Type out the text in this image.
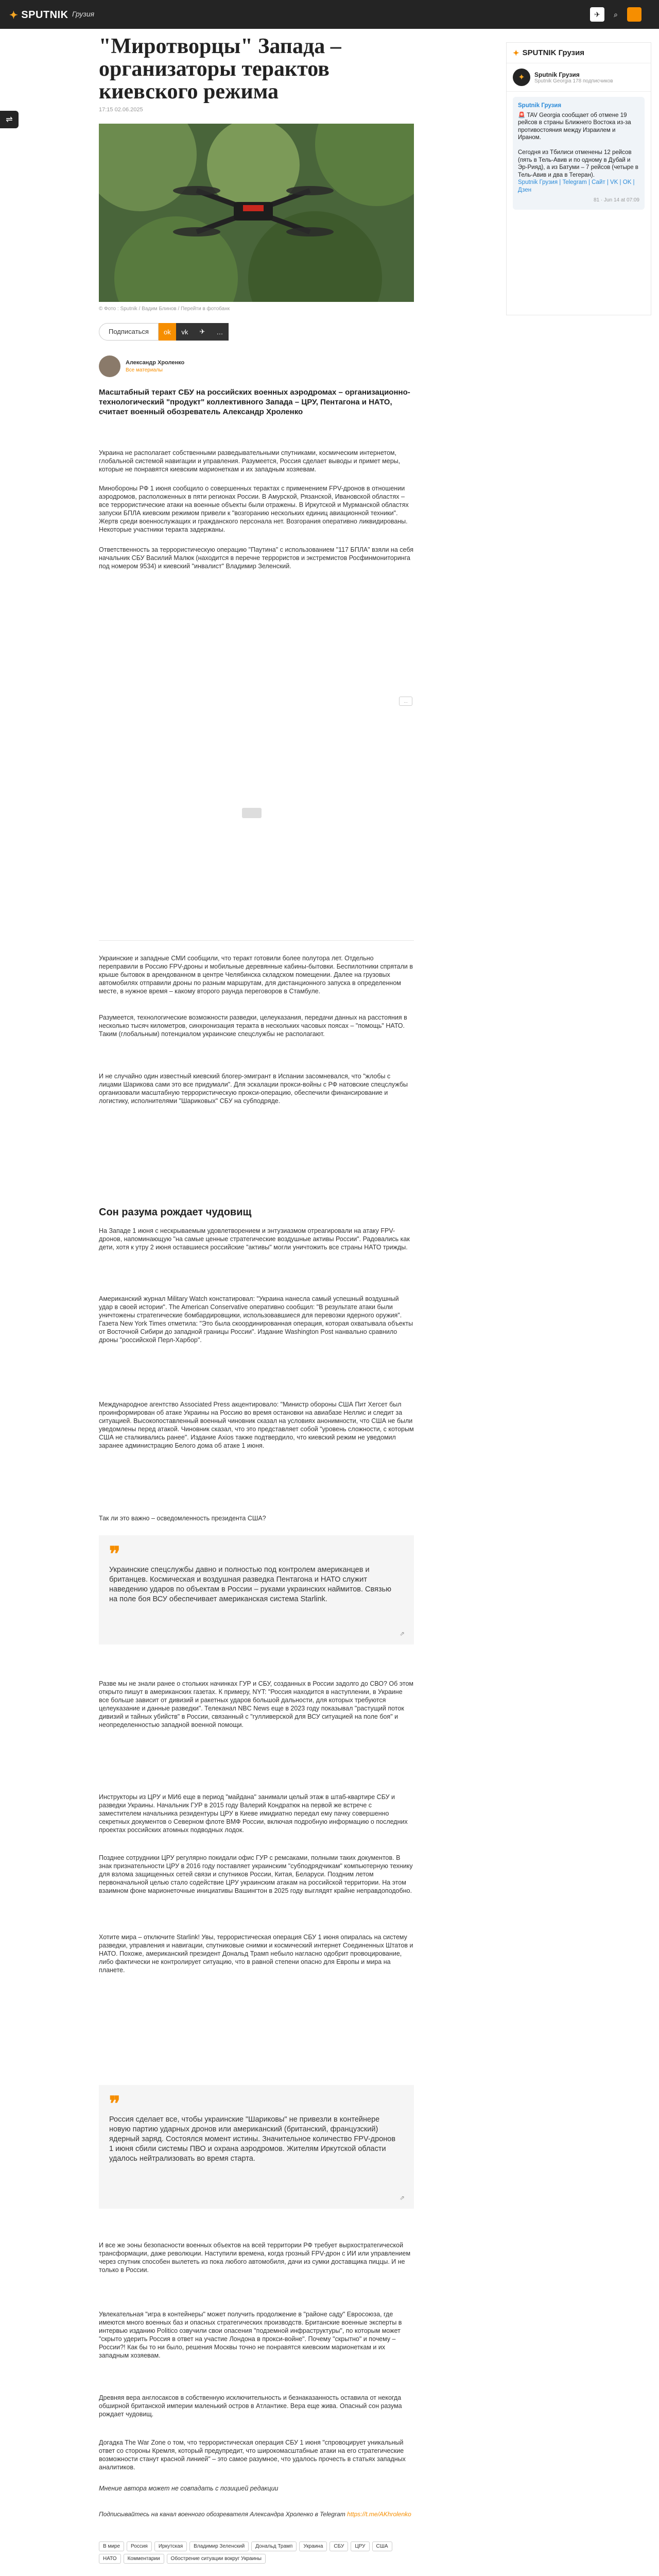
✦ SPUTNIK Грузия	✈	⌕	≡
⇌
"Миротворцы" Запада – организаторы терактов киевского режима
17:15 02.06.2025
© Фото : Sputnik / Вадим Блинов / Перейти в фотобанк
Подписаться	ok	vk	✈	…
Александр Хроленко
Все материалы
Масштабный теракт СБУ на российских военных аэродромах – организационно-технологический "продукт" коллективного Запада – ЦРУ, Пентагона и НАТО, считает военный обозреватель Александр Хроленко

Украина не располагает собственными разведывательными спутниками, космическим интернетом, глобальной системой навигации и управления. Разумеется, Россия сделает выводы и примет меры, которые не понравятся киевским марионеткам и их западным хозяевам.

Минобороны РФ 1 июня сообщило о совершенных терактах с применением FPV-дронов в отношении аэродромов, расположенных в пяти регионах России. В Амурской, Рязанской, Ивановской областях – все террористические атаки на военные объекты были отражены. В Иркутской и Мурманской областях запуски БПЛА киевским режимом привели к "возгоранию нескольких единиц авиационной техники". Жертв среди военнослужащих и гражданского персонала нет. Возгорания оперативно ликвидированы. Некоторые участники теракта задержаны.

Ответственность за террористическую операцию "Паутина" с использованием "117 БПЛА" взяли на себя начальник СБУ Василий Малюк (находится в перечне террористов и экстремистов Росфинмониторинга под номером 9534) и киевский "инвалист" Владимир Зеленский.

...

Украинские и западные СМИ сообщили, что теракт готовили более полутора лет. Отдельно переправили в Россию FPV-дроны и мобильные деревянные кабины-бытовки. Беспилотники спрятали в крыше бытовок в арендованном в центре Челябинска складском помещении. Далее на грузовых автомобилях отправили дроны по разным маршрутам, для дистанционного запуска в определенном месте, в нужное время – какому второго раунда переговоров в Стамбуле.

Разумеется, технологические возможности разведки, целеуказания, передачи данных на расстояния в несколько тысяч километров, синхронизация теракта в нескольких часовых поясах – "помощь" НАТО. Таким (глобальным) потенциалом украинские спецслужбы не располагают.

И не случайно один известный киевский блогер-эмигрант в Испании засомневался, что "жлобы с лицами Шарикова сами это все придумали". Для эскалации прокси-войны с РФ натовские спецслужбы организовали масштабную террористическую прокси-операцию, обеспечили финансирование и логистику, исполнителями "Шариковых" СБУ на субподряде.

Сон разума рождает чудовищ

На Западе 1 июня с нескрываемым удовлетворением и энтузиазмом отреагировали на атаку FPV-дронов, напоминающую "на самые ценные стратегические воздушные активы России". Радовались как дети, хотя к утру 2 июня оставшиеся российские "активы" могли уничтожить все страны НАТО трижды.

Американский журнал Military Watch констатировал: "Украина нанесла самый успешный воздушный удар в своей истории". The American Conservative оперативно сообщил: "В результате атаки были уничтожены стратегические бомбардировщики, использовавшиеся для перевозки ядерного оружия". Газета New York Times отметила: "Это была скоординированная операция, которая охватывала объекты от Восточной Сибири до западной границы России". Издание Washington Post нанвально сравнило дроны "российской Перл-Харбор".

Международное агентство Associated Press акцентировало: "Министр обороны США Пит Хегсет был проинформирован об атаке Украины на Россию во время остановки на авиабазе Неллис и следит за ситуацией. Высокопоставленный военный чиновник сказал на условиях анонимности, что США не были уведомлены перед атакой. Чиновник сказал, что это представляет собой "уровень сложности, с которым США не сталкивались ранее". Издание Axios также подтвердило, что киевский режим не уведомил заранее администрацию Белого дома об атаке 1 июня.

Так ли это важно – осведомленность президента США?

❞
Украинские спецслужбы давно и полностью под контролем американцев и британцев. Космическая и воздушная разведка Пентагона и НАТО служит наведению ударов по объектам в России – руками украинских наймитов. Связью на поле боя ВСУ обеспечивает американская система Starlink.
⇗

Разве мы не знали ранее о стольких начинках ГУР и СБУ, созданных в России задолго до СВО? Об этом открыто пишут в американских газетах. К примеру, NYT: "Россия находится в наступлении, в Украине все больше зависит от дивизий и ракетных ударов большой дальности, для которых требуются целеуказание и данные разведки". Телеканал NBC News еще в 2023 году показывал "растущий поток дивизий и тайных убийств" в России, связанный с "гулливерской для ВСУ ситуацией на поле боя" и неопределенностью западной военной помощи.

Инструкторы из ЦРУ и МИ6 еще в период "майдана" занимали целый этаж в штаб-квартире СБУ и разведки Украины. Начальник ГУР в 2015 году Валерий Кондратюк на первой же встрече с заместителем начальника резидентуры ЦРУ в Киеве имидиатно передал ему пачку совершенно секретных документов о Северном флоте ВМФ России, включая подробную информацию о последних проектах российских атомных подводных лодок.

Позднее сотрудники ЦРУ регулярно покидали офис ГУР с ремсаками, полными таких документов. В знак признательности ЦРУ в 2016 году поставляет украинским "субподрядчикам" компьютерную технику для взлома защищенных сетей связи и спутников России, Китая, Беларуси. Поздним летом первоначальной целью стало содействие ЦРУ украинским атакам на российской территории. На этом взаимном фоне марионеточные инициативы Вашингтон в 2025 году выглядят крайне неправдоподобно.

Хотите мира – отключите Starlink! Увы, террористическая операция СБУ 1 июня опиралась на систему разведки, управления и навигации, спутниковые снимки и космический интернет Соединенных Штатов и НАТО. Похоже, американский президент Дональд Трамп небыло нагласно одобрит провоцирование, либо фактически не контролирует ситуацию, что в равной степени опасно для Европы и мира на планете.

❞
Россия сделает все, чтобы украинские "Шариковы" не привезли в контейнере новую партию ударных дронов или американский (британский, французский) ядерный заряд. Состоялся момент истины. Значительное количество FPV-дронов 1 июня сбили системы ПВО и охрана аэродромов. Жителям Иркутской области удалось нейтрализовать во время старта.
⇗

И все же эоны безопасности военных объектов на всей территории РФ требует вырхостратегической трансформации, даже революции. Наступили времена, когда грозный FPV-дрон с ИИ или управлением через спутник способен вылететь из пока любого автомобиля, дачи из сумки доставщика пиццы. И не только в России.

Увлекательная "игра в контейнеры" может получить продолжение в "районе саду" Евросоюза, где имеются много военных баз и опасных стратегических производств. Британские военные эксперты в интервью изданию Politico озвучили свои опасения "подземной инфраструктуры", по которым может "скрыто удерить Россия в ответ на участие Лондона в прокси-войне". Почему "скрытно" и почему – России?! Как бы то ни было, решения Москвы точно не понравятся киевским марионеткам и их западным хозяевам.

Древняя вера англосаксов в собственную исключительность и безнаказанность оставила от некогда обширной британской империи маленький остров в Атлантике. Вера еще жива. Опасный сон разума рождает чудовищ.

Догадка The War Zone о том, что террористическая операция СБУ 1 июня "спровоцирует уникальный ответ со стороны Кремля, который предупредит, что широкомасштабные атаки на его стратегические возможности станут красной линией" – это самое разумное, что удалось прочесть в статьях западных аналитиков.

Мнение автора может не совпадать с позицией редакции

Подписывайтесь на канал военного обозревателя Александра Хроленко в Telegram https://t.me/AKhrolenko
В мире	Россия	Иркутская	Владимир Зеленский	Дональд Трамп	Украина	СБУ	ЦРУ	США
НАТО	Комментарии	Обострение ситуации вокруг Украины
✦ SPUTNIK Грузия
✦	Sputnik Грузия
Sputnik Georgia 178 подписчиков
Sputnik Грузия
🚨 TAV Georgia сообщает об отмене 19 рейсов в страны Ближнего Востока из-за противостояния между Израилем и Ираном.

Сегодня из Тбилиси отменены 12 рейсов (пять в Тель-Авив и по одному в Дубай и Эр-Рияд), а из Батуми – 7 рейсов (четыре в Тель-Авив и два в Тегеран).
Sputnik Грузия | Telegram | Сайт | VK | OK | Дзен
81 · Jun 14 at 07:09
